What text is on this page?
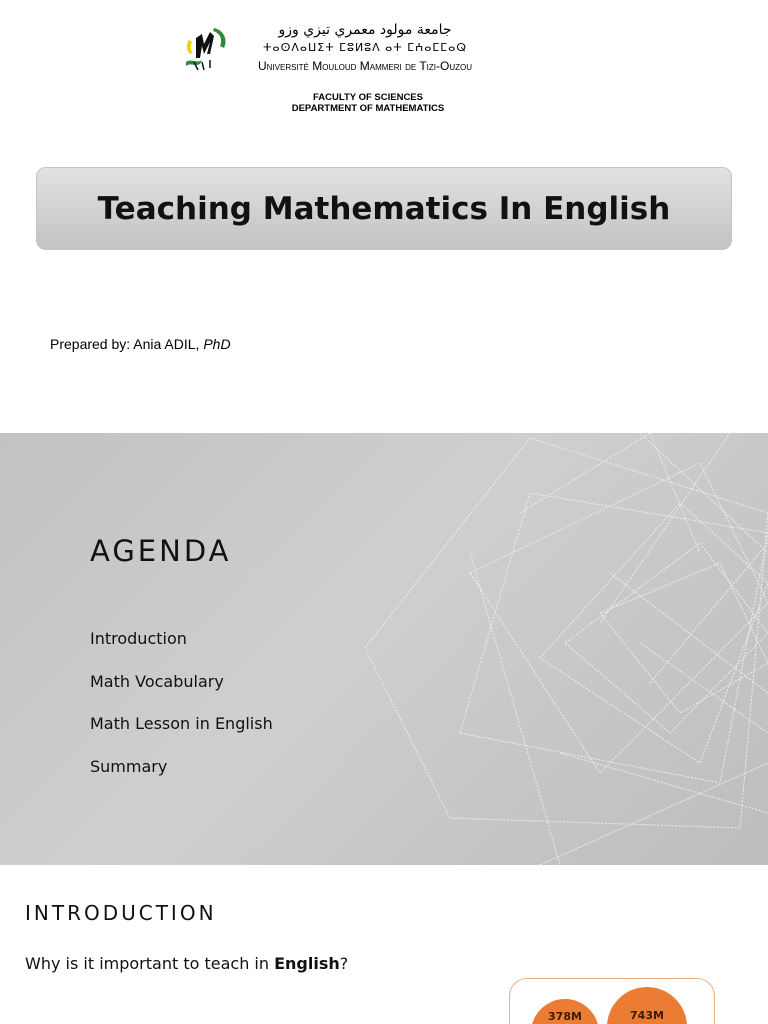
جامعة مولود معمري تيزي وزو
ⵜⴰⵙⴷⴰⵡⵉⵜ ⵎⵓⵍⵓⴷ ⴰⵜ ⵎⵄⴰⵎⵎⴰⵕ
Université Mouloud Mammeri de Tizi-Ouzou
FACULTY OF SCIENCES
DEPARTMENT OF MATHEMATICS
Teaching Mathematics In English
Prepared by: Ania ADIL, PhD
AGENDA
Introduction
Math Vocabulary
Math Lesson in English
Summary
INTRODUCTION
Why is it important to teach in English?
378M	743M
